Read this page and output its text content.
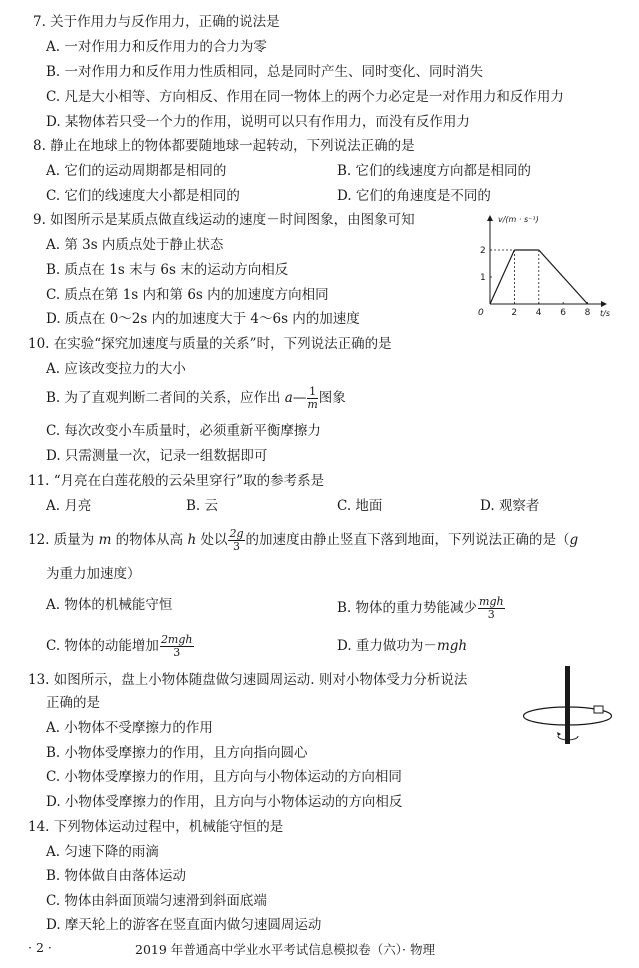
7. 关于作用力与反作用力，正确的说法是
A. 一对作用力和反作用力的合力为零
B. 一对作用力和反作用力性质相同，总是同时产生、同时变化、同时消失
C. 凡是大小相等、方向相反、作用在同一物体上的两个力必定是一对作用力和反作用力
D. 某物体若只受一个力的作用，说明可以只有作用力，而没有反作用力
8. 静止在地球上的物体都要随地球一起转动，下列说法正确的是
A. 它们的运动周期都是相同的	B. 它们的线速度方向都是相同的
C. 它们的线速度大小都是相同的	D. 它们的角速度是不同的
9. 如图所示是某质点做直线运动的速度－时间图象，由图象可知
A. 第 3s 内质点处于静止状态
B. 质点在 1s 末与 6s 末的运动方向相反
C. 质点在第 1s 内和第 6s 内的加速度方向相同
D. 质点在 0～2s 内的加速度大于 4～6s 内的加速度
v/(m · s⁻¹)
t/s
0	2 4 6 8
1
2
10. 在实验“探究加速度与质量的关系”时，下列说法正确的是
A. 应该改变拉力的大小
B. 为了直观判断二者间的关系，应作出 a— $\frac{1}{m}$ 图象
C. 每次改变小车质量时，必须重新平衡摩擦力
D. 只需测量一次，记录一组数据即可
11. “月亮在白莲花般的云朵里穿行”取的参考系是
A. 月亮	B. 云	C. 地面	D. 观察者
12. 质量为 m 的物体从高 h 处以 $\frac{2g}{3}$ 的加速度由静止竖直下落到地面，下列说法正确的是（g
为重力加速度）
A. 物体的机械能守恒	B. 物体的重力势能减少 $\frac{\text{mgh}}{3}$
C. 物体的动能增加 $\frac{\text{2mgh}}{3}$	D. 重力做功为－mgh
13. 如图所示，盘上小物体随盘做匀速圆周运动. 则对小物体受力分析说法
正确的是
A. 小物体不受摩擦力的作用
B. 小物体受摩擦力的作用，且方向指向圆心
C. 小物体受摩擦力的作用，且方向与小物体运动的方向相同
D. 小物体受摩擦力的作用，且方向与小物体运动的方向相反
14. 下列物体运动过程中，机械能守恒的是
A. 匀速下降的雨滴
B. 物体做自由落体运动
C. 物体由斜面顶端匀速滑到斜面底端
D. 摩天轮上的游客在竖直面内做匀速圆周运动
· 2 ·	2019 年普通高中学业水平考试信息模拟卷（六）· 物理
